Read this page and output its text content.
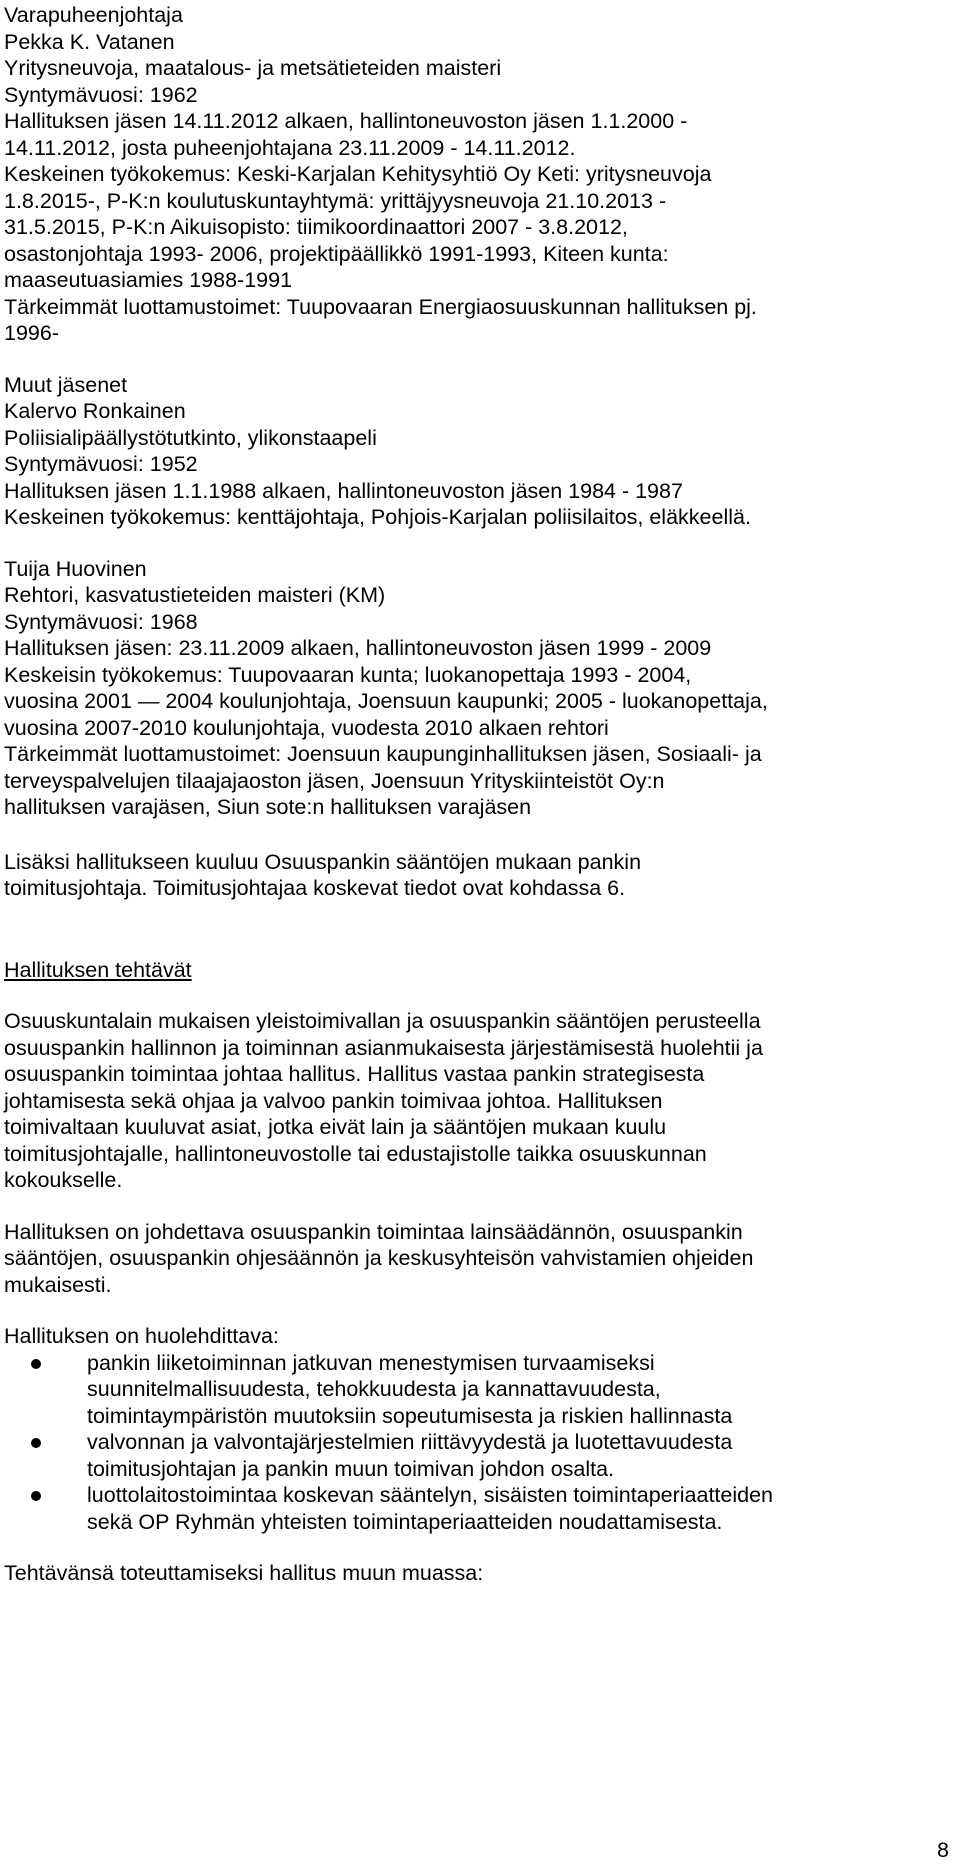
Varapuheenjohtaja
Pekka K. Vatanen
Yritysneuvoja, maatalous- ja metsätieteiden maisteri
Syntymävuosi: 1962
Hallituksen jäsen 14.11.2012 alkaen, hallintoneuvoston jäsen 1.1.2000 -
14.11.2012, josta puheenjohtajana 23.11.2009 - 14.11.2012.
Keskeinen työkokemus: Keski-Karjalan Kehitysyhtiö Oy Keti: yritysneuvoja
1.8.2015-, P-K:n koulutuskuntayhtymä: yrittäjyysneuvoja 21.10.2013 -
31.5.2015, P-K:n Aikuisopisto: tiimikoordinaattori 2007 - 3.8.2012,
osastonjohtaja 1993- 2006, projektipäällikkö 1991-1993, Kiteen kunta:
maaseutuasiamies 1988-1991
Tärkeimmät luottamustoimet: Tuupovaaran Energiaosuuskunnan hallituksen pj.
1996-
Muut jäsenet
Kalervo Ronkainen
Poliisialipäällystötutkinto, ylikonstaapeli
Syntymävuosi: 1952
Hallituksen jäsen 1.1.1988 alkaen, hallintoneuvoston jäsen 1984 - 1987
Keskeinen työkokemus: kenttäjohtaja, Pohjois-Karjalan poliisilaitos, eläkkeellä.
Tuija Huovinen
Rehtori, kasvatustieteiden maisteri (KM)
Syntymävuosi: 1968
Hallituksen jäsen: 23.11.2009 alkaen, hallintoneuvoston jäsen 1999 - 2009
Keskeisin työkokemus: Tuupovaaran kunta; luokanopettaja 1993 - 2004,
vuosina 2001 ― 2004 koulunjohtaja, Joensuun kaupunki; 2005 - luokanopettaja,
vuosina 2007-2010 koulunjohtaja, vuodesta 2010 alkaen rehtori
Tärkeimmät luottamustoimet: Joensuun kaupunginhallituksen jäsen, Sosiaali- ja
terveyspalvelujen tilaajajaoston jäsen, Joensuun Yrityskiinteistöt Oy:n
hallituksen varajäsen, Siun sote:n hallituksen varajäsen
Lisäksi hallitukseen kuuluu Osuuspankin sääntöjen mukaan pankin
toimitusjohtaja. Toimitusjohtajaa koskevat tiedot ovat kohdassa 6.
Hallituksen tehtävät
Osuuskuntalain mukaisen yleistoimivallan ja osuuspankin sääntöjen perusteella
osuuspankin hallinnon ja toiminnan asianmukaisesta järjestämisestä huolehtii ja
osuuspankin toimintaa johtaa hallitus. Hallitus vastaa pankin strategisesta
johtamisesta sekä ohjaa ja valvoo pankin toimivaa johtoa. Hallituksen
toimivaltaan kuuluvat asiat, jotka eivät lain ja sääntöjen mukaan kuulu
toimitusjohtajalle, hallintoneuvostolle tai edustajistolle taikka osuuskunnan
kokoukselle.
Hallituksen on johdettava osuuspankin toimintaa lainsäädännön, osuuspankin
sääntöjen, osuuspankin ohjesäännön ja keskusyhteisön vahvistamien ohjeiden
mukaisesti.
Hallituksen on huolehdittava:
pankin liiketoiminnan jatkuvan menestymisen turvaamiseksi
suunnitelmallisuudesta, tehokkuudesta ja kannattavuudesta,
toimintaympäristön muutoksiin sopeutumisesta ja riskien hallinnasta
valvonnan ja valvontajärjestelmien riittävyydestä ja luotettavuudesta
toimitusjohtajan ja pankin muun toimivan johdon osalta.
luottolaitostoimintaa koskevan sääntelyn, sisäisten toimintaperiaatteiden
sekä OP Ryhmän yhteisten toimintaperiaatteiden noudattamisesta.
Tehtävänsä toteuttamiseksi hallitus muun muassa:
8
